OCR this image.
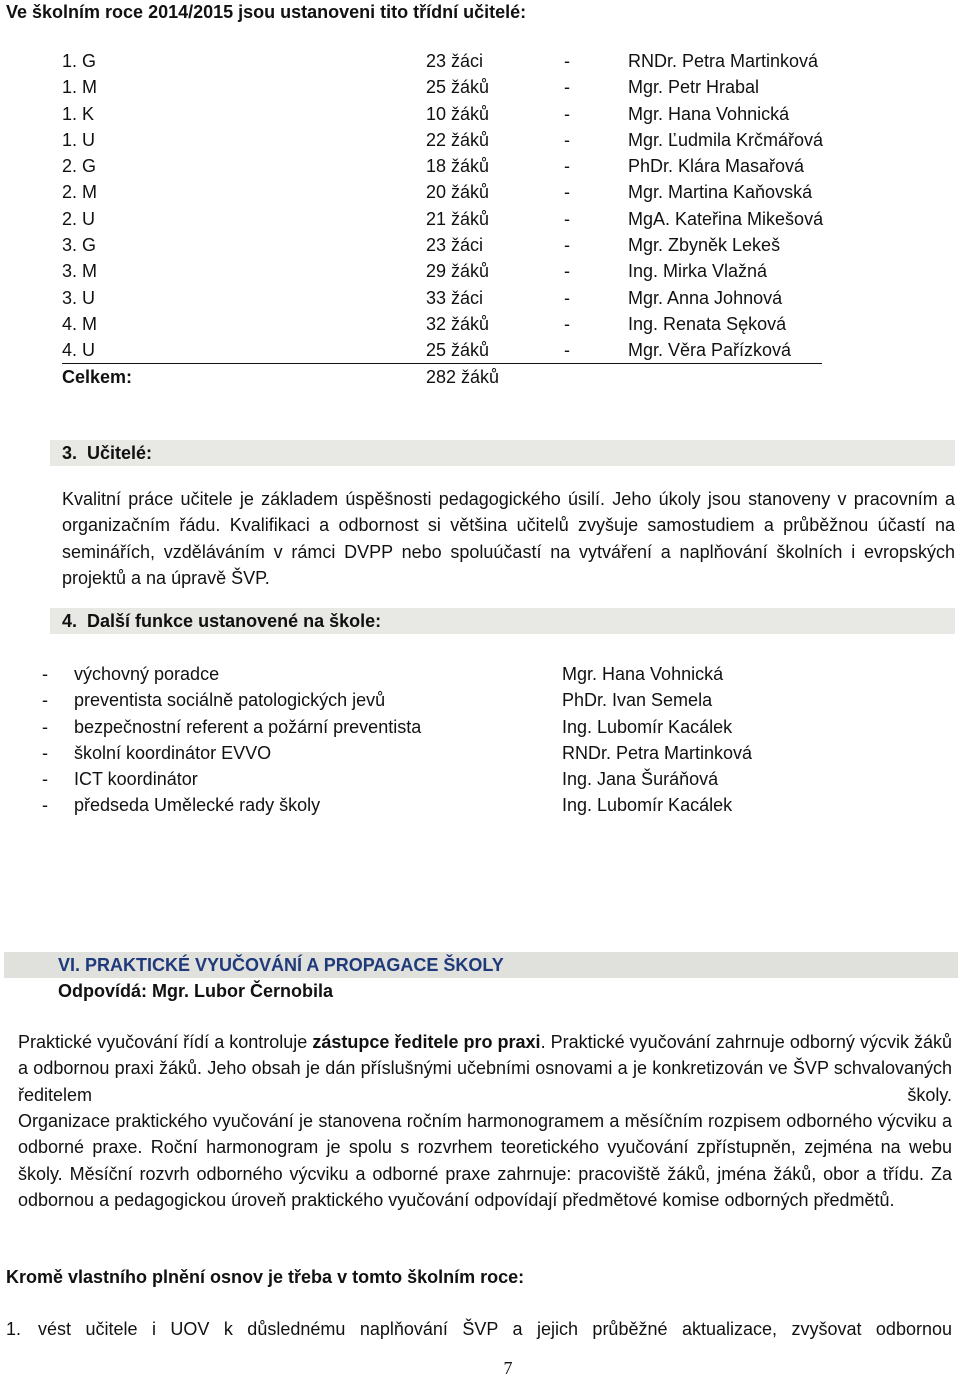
Ve školním roce 2014/2015 jsou ustanoveni tito třídní učitelé:
1. G	23 žáci	-	RNDr. Petra Martinková
1. M	25 žáků	-	Mgr. Petr Hrabal
1. K	10 žáků	-	Mgr. Hana Vohnická
1. U	22 žáků	-	Mgr. Ľudmila Krčmářová
2. G	18 žáků	-	PhDr. Klára Masařová
2. M	20 žáků	-	Mgr. Martina Kaňovská
2. U	21 žáků	-	MgA. Kateřina Mikešová
3. G	23 žáci	-	Mgr. Zbyněk Lekeš
3. M	29 žáků	-	Ing. Mirka Vlažná
3. U	33 žáci	-	Mgr. Anna Johnová
4. M	32 žáků	-	Ing. Renata Sęková
4. U	25 žáků	-	Mgr. Věra Pařízková
Celkem:	282 žáků
3. Učitelé:

Kvalitní práce učitele je základem úspěšnosti pedagogického úsilí. Jeho úkoly jsou stanoveny v pracovním a organizačním řádu. Kvalifikaci a odbornost si většina učitelů zvyšuje samostudiem a průběžnou účastí na seminářích, vzděláváním v rámci DVPP nebo spoluúčastí na vytváření a naplňování školních i evropských projektů a na úpravě ŠVP.

4. Další funkce ustanovené na škole:
- výchovný poradce	Mgr. Hana Vohnická
- preventista sociálně patologických jevů	PhDr. Ivan Semela
- bezpečnostní referent a požární preventista	Ing. Lubomír Kacálek
- školní koordinátor EVVO	RNDr. Petra Martinková
- ICT koordinátor	Ing. Jana Šuráňová
- předseda Umělecké rady školy	Ing. Lubomír Kacálek
VI. PRAKTICKÉ VYUČOVÁNÍ A PROPAGACE ŠKOLY
Odpovídá: Mgr. Lubor Černobila

Praktické vyučování řídí a kontroluje zástupce ředitele pro praxi. Praktické vyučování zahrnuje odborný výcvik žáků a odbornou praxi žáků. Jeho obsah je dán příslušnými učebními osnovami a je konkretizován ve ŠVP schvalovaných ředitelem školy.

Organizace praktického vyučování je stanovena ročním harmonogramem a měsíčním rozpisem odborného výcviku a odborné praxe. Roční harmonogram je spolu s rozvrhem teoretického vyučování zpřístupněn, zejména na webu školy. Měsíční rozvrh odborného výcviku a odborné praxe zahrnuje: pracoviště žáků, jména žáků, obor a třídu. Za odbornou a pedagogickou úroveň praktického vyučování odpovídají předmětové komise odborných předmětů.

Kromě vlastního plnění osnov je třeba v tomto školním roce:
1. vést učitele i UOV k důslednému naplňování ŠVP a jejich průběžné aktualizace, zvyšovat odbornou

7
